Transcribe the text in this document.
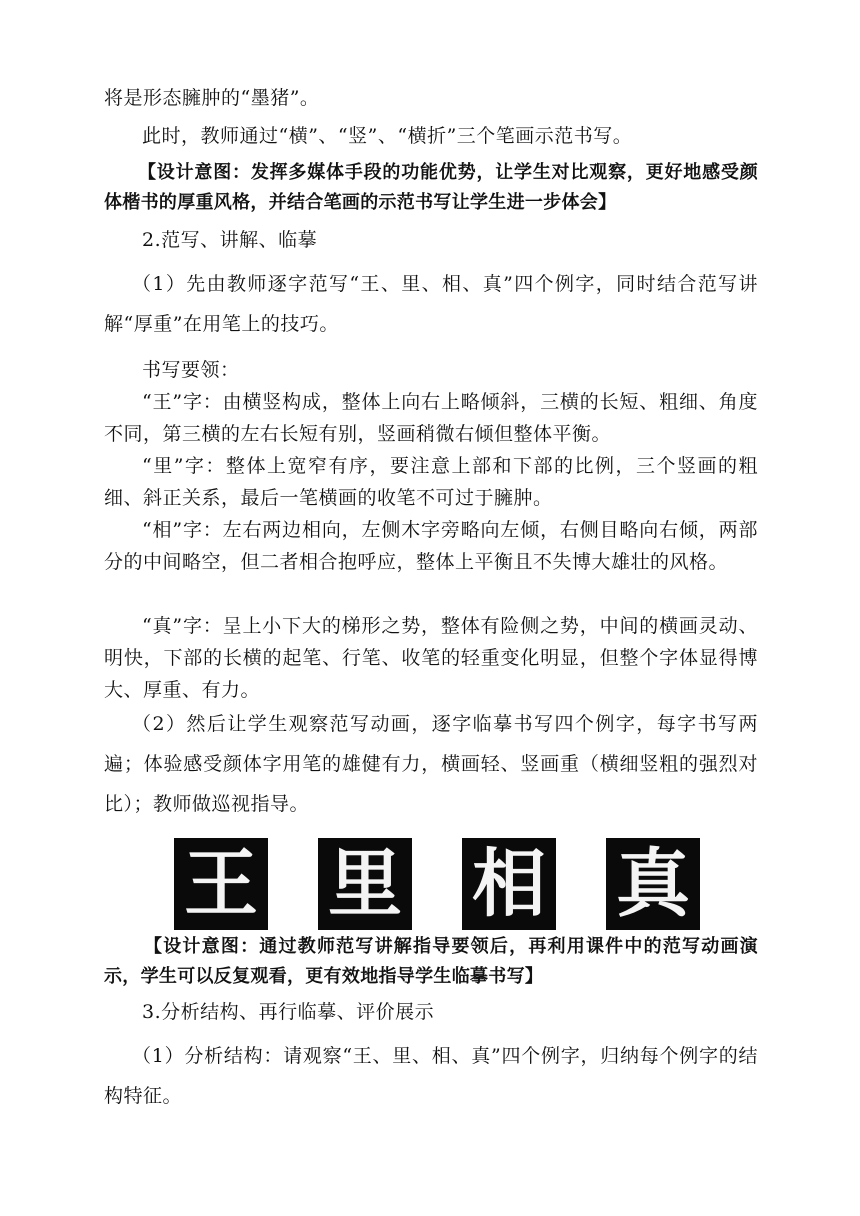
将是形态臃肿的“墨猪”。

此时，教师通过“横”、“竖”、“横折”三个笔画示范书写。

【设计意图：发挥多媒体手段的功能优势，让学生对比观察，更好地感受颜体楷书的厚重风格，并结合笔画的示范书写让学生进一步体会】

2.范写、讲解、临摹

（1）先由教师逐字范写“王、里、相、真”四个例字，同时结合范写讲解“厚重”在用笔上的技巧。

书写要领：

“王”字：由横竖构成，整体上向右上略倾斜，三横的长短、粗细、角度不同，第三横的左右长短有别，竖画稍微右倾但整体平衡。

“里”字：整体上宽窄有序，要注意上部和下部的比例，三个竖画的粗细、斜正关系，最后一笔横画的收笔不可过于臃肿。

“相”字：左右两边相向，左侧木字旁略向左倾，右侧目略向右倾，两部分的中间略空，但二者相合抱呼应，整体上平衡且不失博大雄壮的风格。

“真”字：呈上小下大的梯形之势，整体有险侧之势，中间的横画灵动、明快，下部的长横的起笔、行笔、收笔的轻重变化明显，但整个字体显得博大、厚重、有力。

（2）然后让学生观察范写动画，逐字临摹书写四个例字，每字书写两遍；体验感受颜体字用笔的雄健有力，横画轻、竖画重（横细竖粗的强烈对比）；教师做巡视指导。

王 里 相 真

【设计意图：通过教师范写讲解指导要领后，再利用课件中的范写动画演示，学生可以反复观看，更有效地指导学生临摹书写】

3.分析结构、再行临摹、评价展示

（1）分析结构：请观察“王、里、相、真”四个例字，归纳每个例字的结构特征。
